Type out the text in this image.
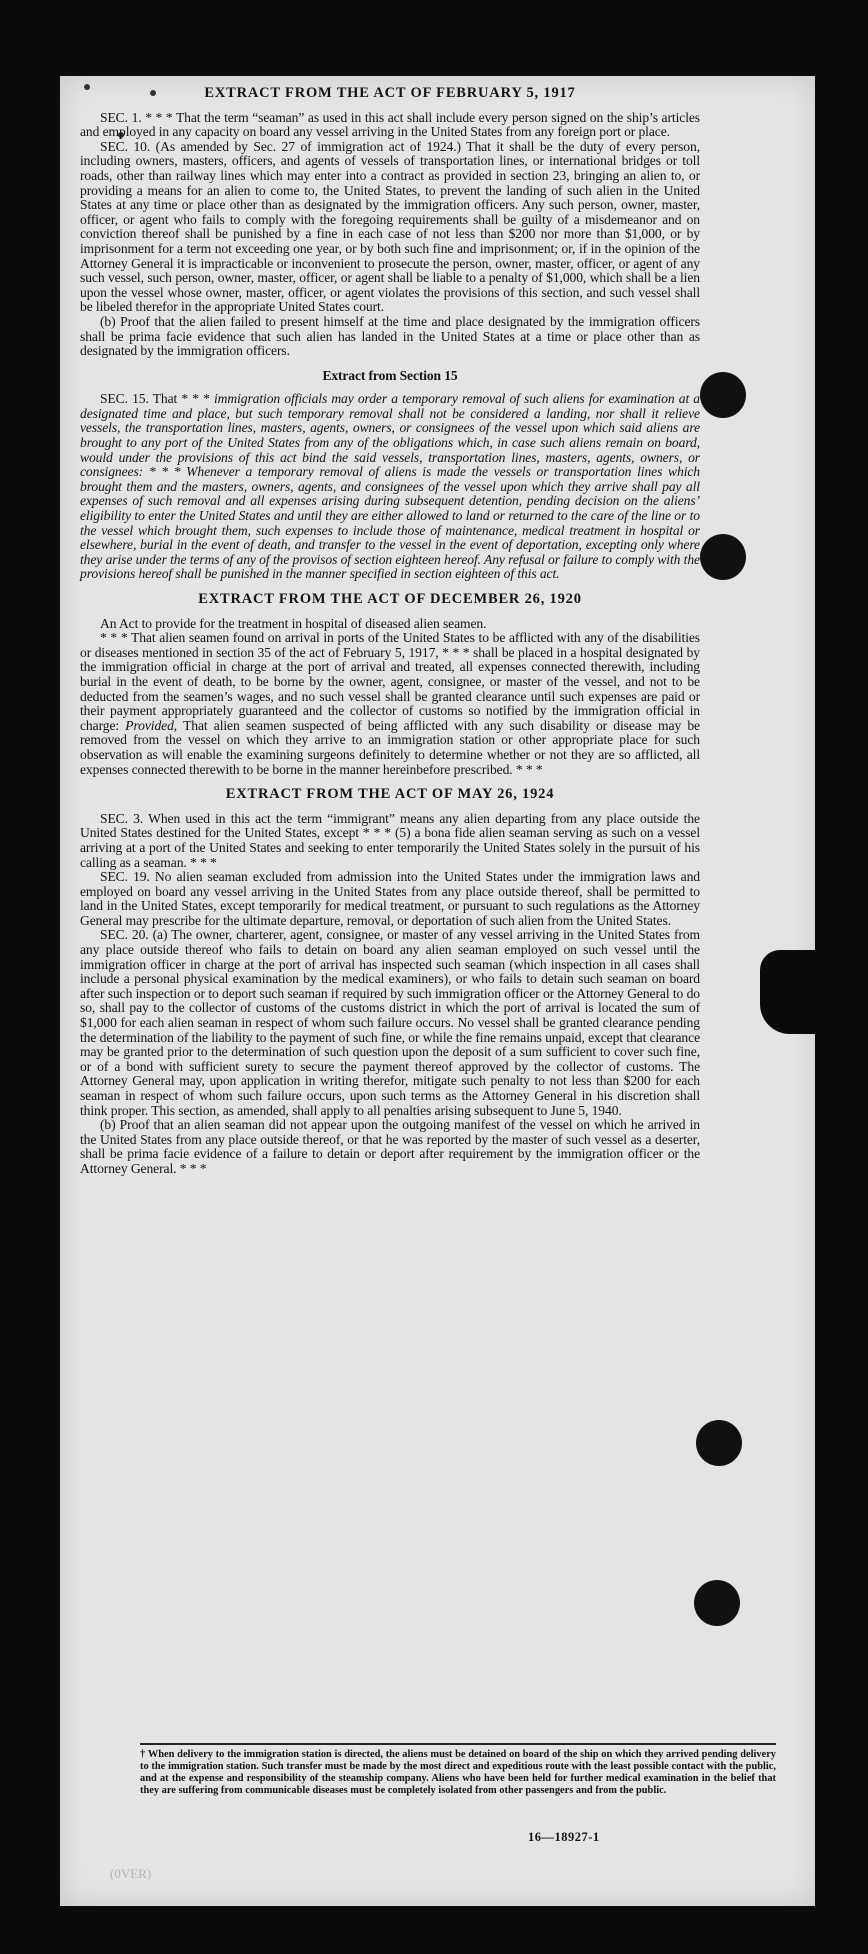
EXTRACT FROM THE ACT OF FEBRUARY 5, 1917

SEC. 1. * * * That the term “seaman” as used in this act shall include every person signed on the ship’s articles and employed in any capacity on board any vessel arriving in the United States from any foreign port or place.

SEC. 10. (As amended by Sec. 27 of immigration act of 1924.) That it shall be the duty of every person, including owners, masters, officers, and agents of vessels of transportation lines, or international bridges or toll roads, other than railway lines which may enter into a contract as provided in section 23, bringing an alien to, or providing a means for an alien to come to, the United States, to prevent the landing of such alien in the United States at any time or place other than as designated by the immigration officers. Any such person, owner, master, officer, or agent who fails to comply with the foregoing requirements shall be guilty of a misdemeanor and on conviction thereof shall be punished by a fine in each case of not less than $200 nor more than $1,000, or by imprisonment for a term not exceeding one year, or by both such fine and imprisonment; or, if in the opinion of the Attorney General it is impracticable or inconvenient to prosecute the person, owner, master, officer, or agent of any such vessel, such person, owner, master, officer, or agent shall be liable to a penalty of $1,000, which shall be a lien upon the vessel whose owner, master, officer, or agent violates the provisions of this section, and such vessel shall be libeled therefor in the appropriate United States court.

(b) Proof that the alien failed to present himself at the time and place designated by the immigration officers shall be prima facie evidence that such alien has landed in the United States at a time or place other than as designated by the immigration officers.

Extract from Section 15

SEC. 15. That * * * immigration officials may order a temporary removal of such aliens for examination at a designated time and place, but such temporary removal shall not be considered a landing, nor shall it relieve vessels, the transportation lines, masters, agents, owners, or consignees of the vessel upon which said aliens are brought to any port of the United States from any of the obligations which, in case such aliens remain on board, would under the provisions of this act bind the said vessels, transportation lines, masters, agents, owners, or consignees: * * * Whenever a temporary removal of aliens is made the vessels or transportation lines which brought them and the masters, owners, agents, and consignees of the vessel upon which they arrive shall pay all expenses of such removal and all expenses arising during subsequent detention, pending decision on the aliens’ eligibility to enter the United States and until they are either allowed to land or returned to the care of the line or to the vessel which brought them, such expenses to include those of maintenance, medical treatment in hospital or elsewhere, burial in the event of death, and transfer to the vessel in the event of deportation, excepting only where they arise under the terms of any of the provisos of section eighteen hereof. Any refusal or failure to comply with the provisions hereof shall be punished in the manner specified in section eighteen of this act.

EXTRACT FROM THE ACT OF DECEMBER 26, 1920

An Act to provide for the treatment in hospital of diseased alien seamen.

* * * That alien seamen found on arrival in ports of the United States to be afflicted with any of the disabilities or diseases mentioned in section 35 of the act of February 5, 1917, * * * shall be placed in a hospital designated by the immigration official in charge at the port of arrival and treated, all expenses connected therewith, including burial in the event of death, to be borne by the owner, agent, consignee, or master of the vessel, and not to be deducted from the seamen’s wages, and no such vessel shall be granted clearance until such expenses are paid or their payment appropriately guaranteed and the collector of customs so notified by the immigration official in charge: Provided, That alien seamen suspected of being afflicted with any such disability or disease may be removed from the vessel on which they arrive to an immigration station or other appropriate place for such observation as will enable the examining surgeons definitely to determine whether or not they are so afflicted, all expenses connected therewith to be borne in the manner hereinbefore prescribed. * * *

EXTRACT FROM THE ACT OF MAY 26, 1924

SEC. 3. When used in this act the term “immigrant” means any alien departing from any place outside the United States destined for the United States, except * * * (5) a bona fide alien seaman serving as such on a vessel arriving at a port of the United States and seeking to enter temporarily the United States solely in the pursuit of his calling as a seaman. * * *

SEC. 19. No alien seaman excluded from admission into the United States under the immigration laws and employed on board any vessel arriving in the United States from any place outside thereof, shall be permitted to land in the United States, except temporarily for medical treatment, or pursuant to such regulations as the Attorney General may prescribe for the ultimate departure, removal, or deportation of such alien from the United States.

SEC. 20. (a) The owner, charterer, agent, consignee, or master of any vessel arriving in the United States from any place outside thereof who fails to detain on board any alien seaman employed on such vessel until the immigration officer in charge at the port of arrival has inspected such seaman (which inspection in all cases shall include a personal physical examination by the medical examiners), or who fails to detain such seaman on board after such inspection or to deport such seaman if required by such immigration officer or the Attorney General to do so, shall pay to the collector of customs of the customs district in which the port of arrival is located the sum of $1,000 for each alien seaman in respect of whom such failure occurs. No vessel shall be granted clearance pending the determination of the liability to the payment of such fine, or while the fine remains unpaid, except that clearance may be granted prior to the determination of such question upon the deposit of a sum sufficient to cover such fine, or of a bond with sufficient surety to secure the payment thereof approved by the collector of customs. The Attorney General may, upon application in writing therefor, mitigate such penalty to not less than $200 for each seaman in respect of whom such failure occurs, upon such terms as the Attorney General in his discretion shall think proper. This section, as amended, shall apply to all penalties arising subsequent to June 5, 1940.

(b) Proof that an alien seaman did not appear upon the outgoing manifest of the vessel on which he arrived in the United States from any place outside thereof, or that he was reported by the master of such vessel as a deserter, shall be prima facie evidence of a failure to detain or deport after requirement by the immigration officer or the Attorney General. * * *

† When delivery to the immigration station is directed, the aliens must be detained on board of the ship on which they arrived pending delivery to the immigration station. Such transfer must be made by the most direct and expeditious route with the least possible contact with the public, and at the expense and responsibility of the steamship company. Aliens who have been held for further medical examination in the belief that they are suffering from communicable diseases must be completely isolated from other passengers and from the public.
16—18927-1
(0VER)
